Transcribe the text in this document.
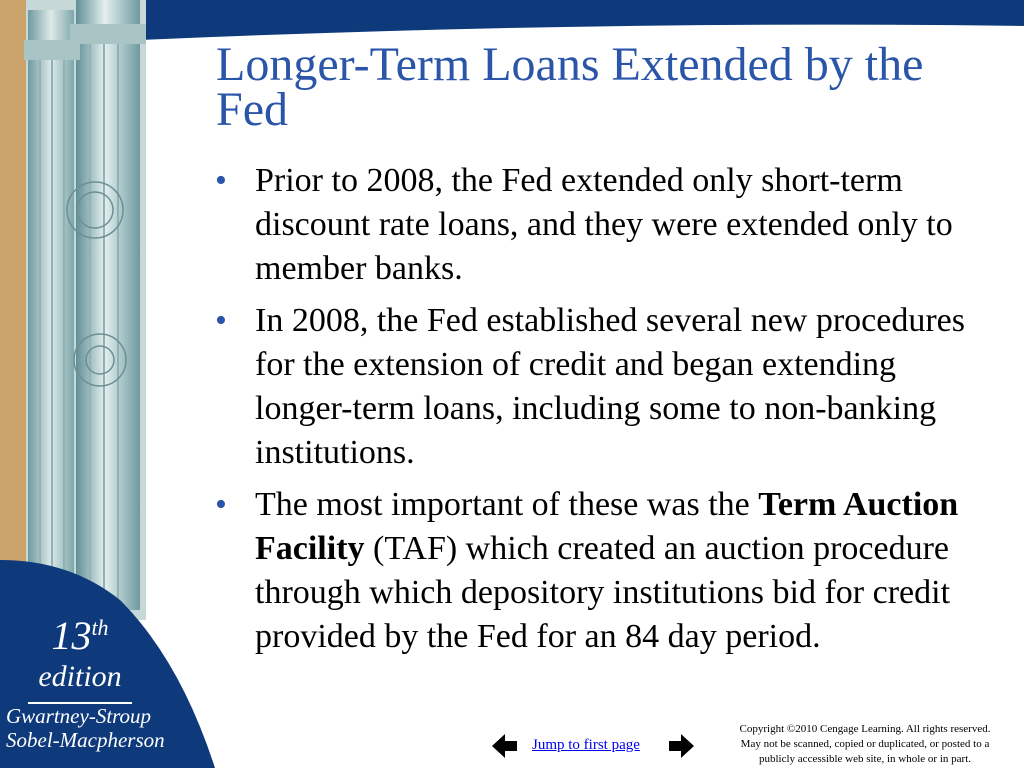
13th
edition
Gwartney-Stroup
Sobel-Macpherson
Longer-Term Loans Extended by the Fed
• Prior to 2008, the Fed extended only short-term discount rate loans, and they were extended only to member banks.
• In 2008, the Fed established several new procedures for the extension of credit and began extending longer-term loans, including some to non-banking institutions.
• The most important of these was the Term Auction Facility (TAF) which created an auction procedure through which depository institutions bid for credit provided by the Fed for an 84 day period.
Jump to first page
Copyright ©2010 Cengage Learning. All rights reserved.
May not be scanned, copied or duplicated, or posted to a
publicly accessible web site, in whole or in part.
